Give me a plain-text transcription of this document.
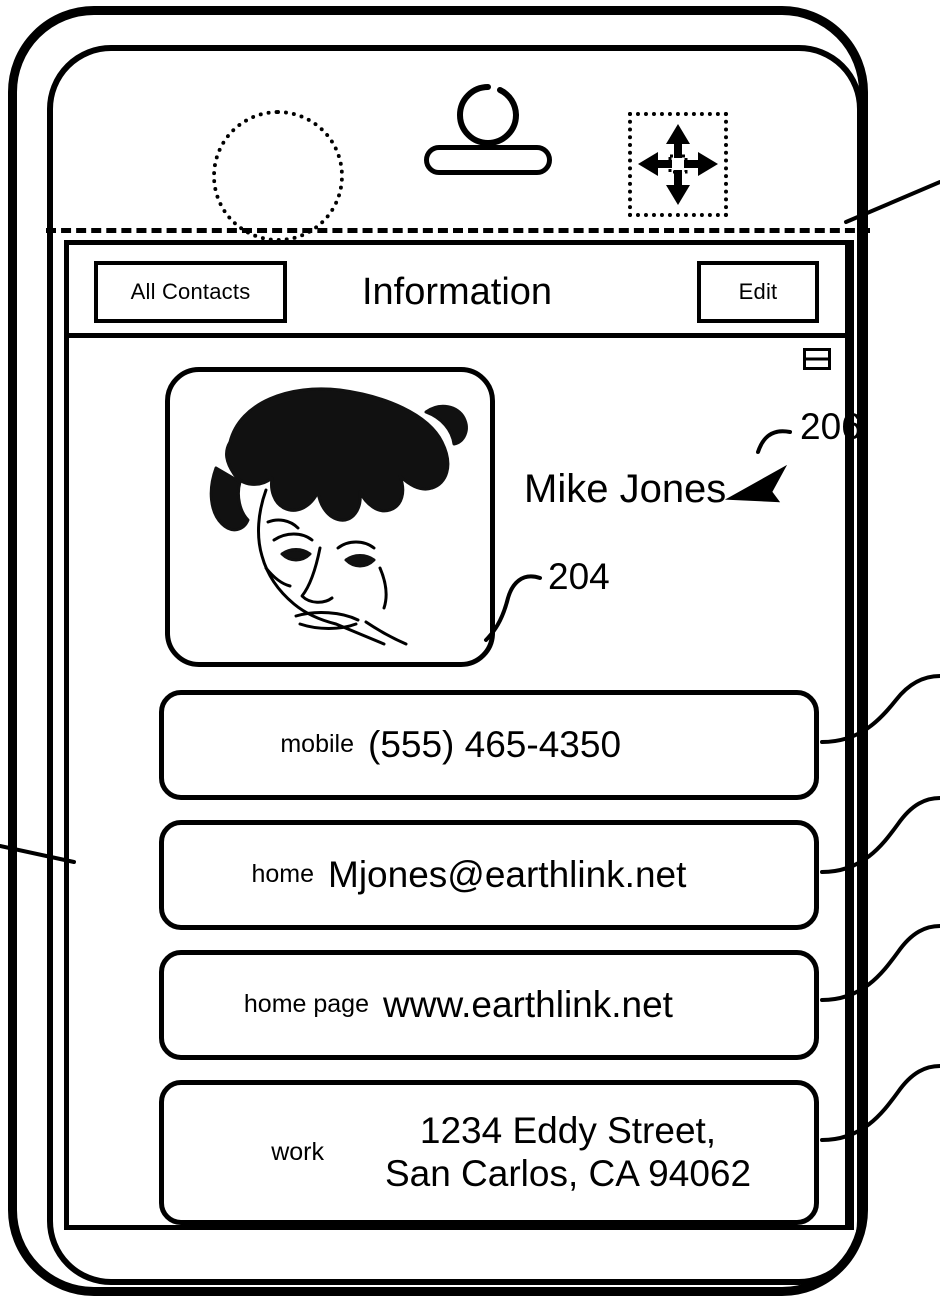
All Contacts	Information	Edit
Mike Jones
mobile (555) 465-4350
home Mjones@earthlink.net
home page www.earthlink.net
work
1234 Eddy Street,
San Carlos, CA 94062
206
204
